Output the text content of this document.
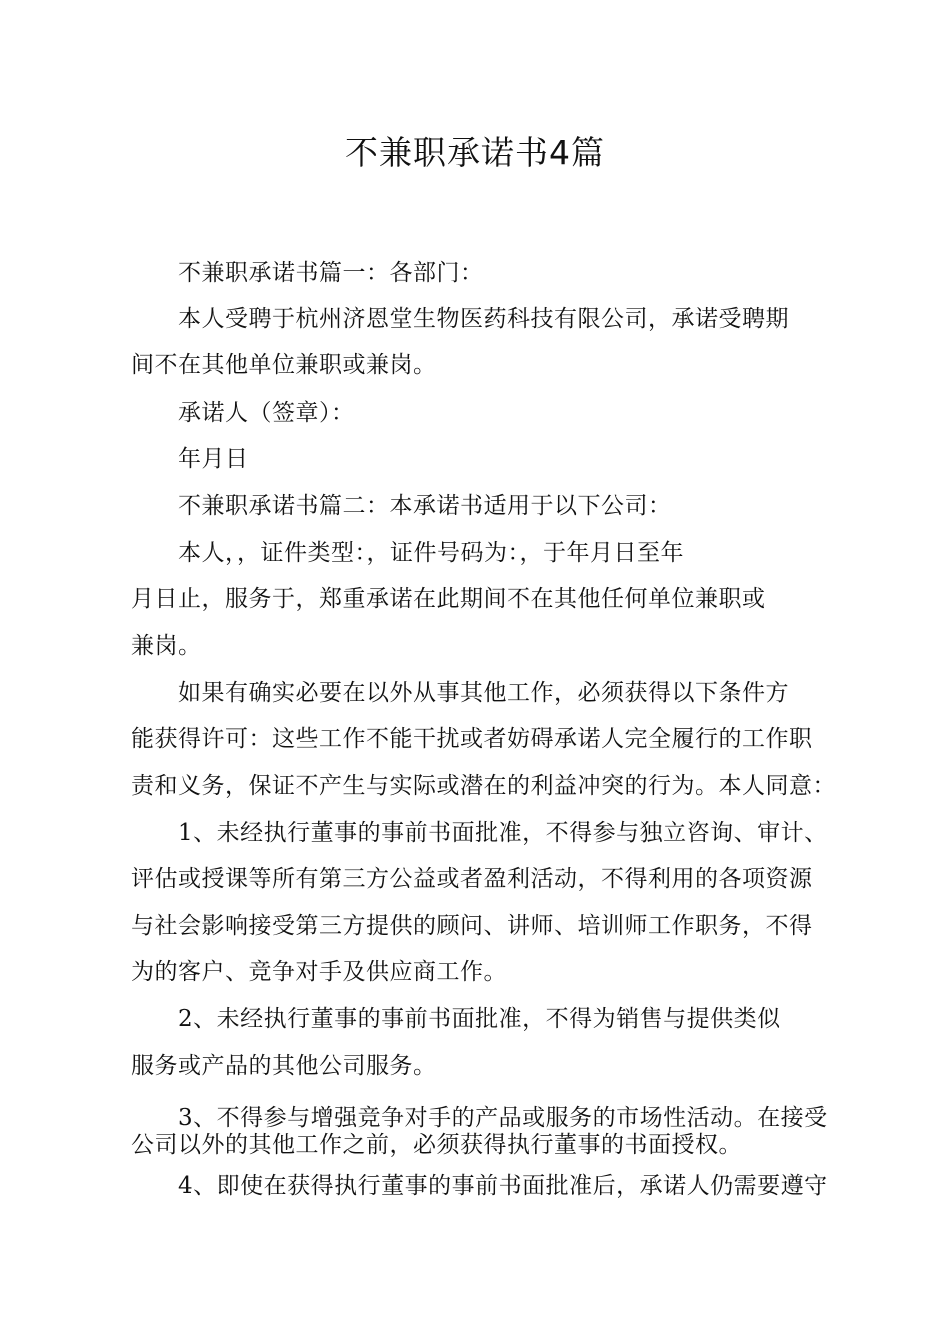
不兼职承诺书4篇
不兼职承诺书篇一：各部门：
本人受聘于杭州济恩堂生物医药科技有限公司，承诺受聘期
间不在其他单位兼职或兼岗。
承诺人（签章）：
年月日
不兼职承诺书篇二：本承诺书适用于以下公司：
本人，，证件类型：，证件号码为：，于年月日至年
月日止，服务于，郑重承诺在此期间不在其他任何单位兼职或
兼岗。
如果有确实必要在以外从事其他工作，必须获得以下条件方
能获得许可：这些工作不能干扰或者妨碍承诺人完全履行的工作职
责和义务，保证不产生与实际或潜在的利益冲突的行为。本人同意：
1、未经执行董事的事前书面批准，不得参与独立咨询、审计、
评估或授课等所有第三方公益或者盈利活动，不得利用的各项资源
与社会影响接受第三方提供的顾问、讲师、培训师工作职务，不得
为的客户、竞争对手及供应商工作。
2、未经执行董事的事前书面批准，不得为销售与提供类似
服务或产品的其他公司服务。
3、不得参与增强竞争对手的产品或服务的市场性活动。在接受
公司以外的其他工作之前，必须获得执行董事的书面授权。
4、即使在获得执行董事的事前书面批准后，承诺人仍需要遵守
